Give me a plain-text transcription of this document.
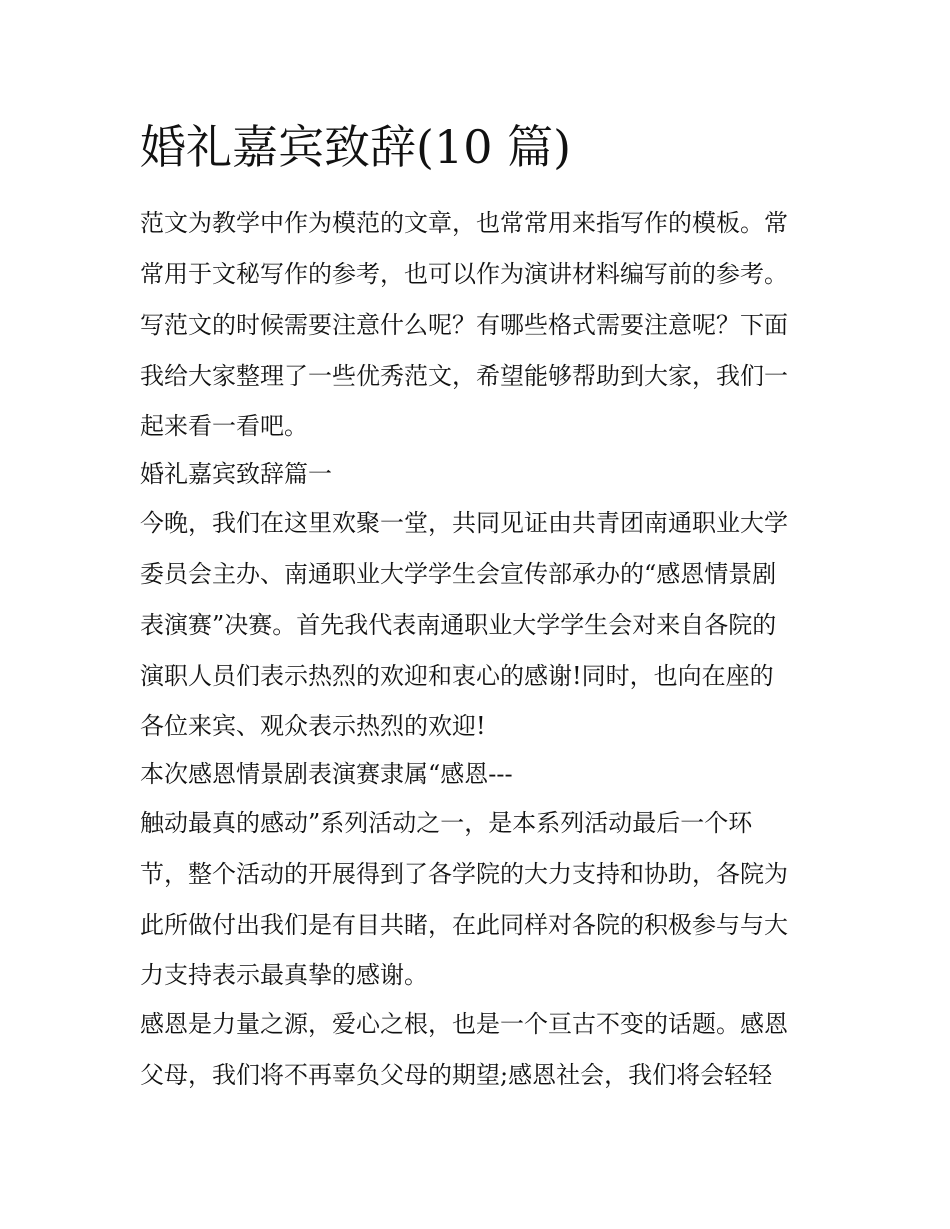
婚礼嘉宾致辞(10 篇)
范文为教学中作为模范的文章，也常常用来指写作的模板。常
常用于文秘写作的参考，也可以作为演讲材料编写前的参考。
写范文的时候需要注意什么呢？有哪些格式需要注意呢？下面
我给大家整理了一些优秀范文，希望能够帮助到大家，我们一
起来看一看吧。
婚礼嘉宾致辞篇一
今晚，我们在这里欢聚一堂，共同见证由共青团南通职业大学
委员会主办、南通职业大学学生会宣传部承办的“感恩情景剧
表演赛”决赛。首先我代表南通职业大学学生会对来自各院的
演职人员们表示热烈的欢迎和衷心的感谢!同时，也向在座的
各位来宾、观众表示热烈的欢迎!
本次感恩情景剧表演赛隶属“感恩---
触动最真的感动”系列活动之一，是本系列活动最后一个环
节，整个活动的开展得到了各学院的大力支持和协助，各院为
此所做付出我们是有目共睹，在此同样对各院的积极参与与大
力支持表示最真挚的感谢。
感恩是力量之源，爱心之根，也是一个亘古不变的话题。感恩
父母，我们将不再辜负父母的期望;感恩社会，我们将会轻轻
